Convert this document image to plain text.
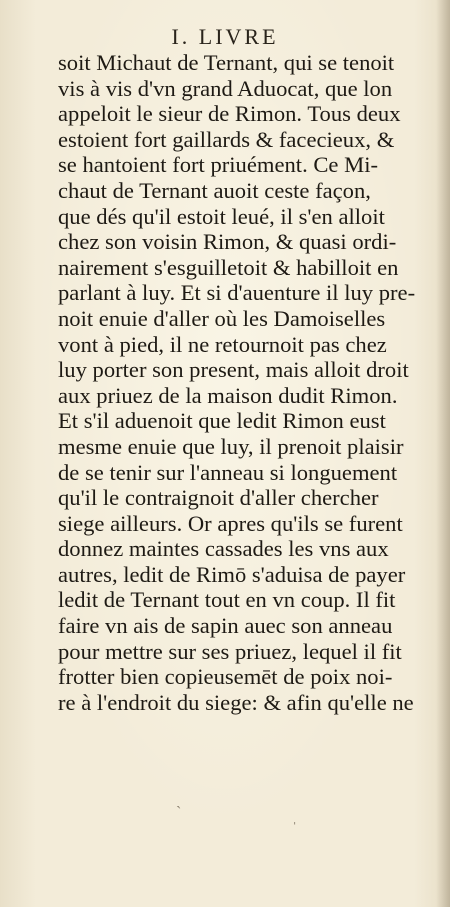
I. LIVRE
soit Michaut de Ternant, qui se tenoit
vis à vis d'vn grand Aduocat, que lon
appeloit le sieur de Rimon. Tous deux
estoient fort gaillards & facecieux, &
se hantoient fort priuément. Ce Mi-
chaut de Ternant auoit ceste façon,
que dés qu'il estoit leué, il s'en alloit
chez son voisin Rimon, & quasi ordi-
nairement s'esguilletoit & habilloit en
parlant à luy. Et si d'auenture il luy pre-
noit enuie d'aller où les Damoiselles
vont à pied, il ne retournoit pas chez
luy porter son present, mais alloit droit
aux priuez de la maison dudit Rimon.
Et s'il aduenoit que ledit Rimon eust
mesme enuie que luy, il prenoit plaisir
de se tenir sur l'anneau si longuement
qu'il le contraignoit d'aller chercher
siege ailleurs. Or apres qu'ils se furent
donnez maintes cassades les vns aux
autres, ledit de Rimō s'aduisa de payer
ledit de Ternant tout en vn coup. Il fit
faire vn ais de sapin auec son anneau
pour mettre sur ses priuez, lequel il fit
frotter bien copieusemēt de poix noi-
re à l'endroit du siege: & afin qu'elle ne
ˏ
ˈ
